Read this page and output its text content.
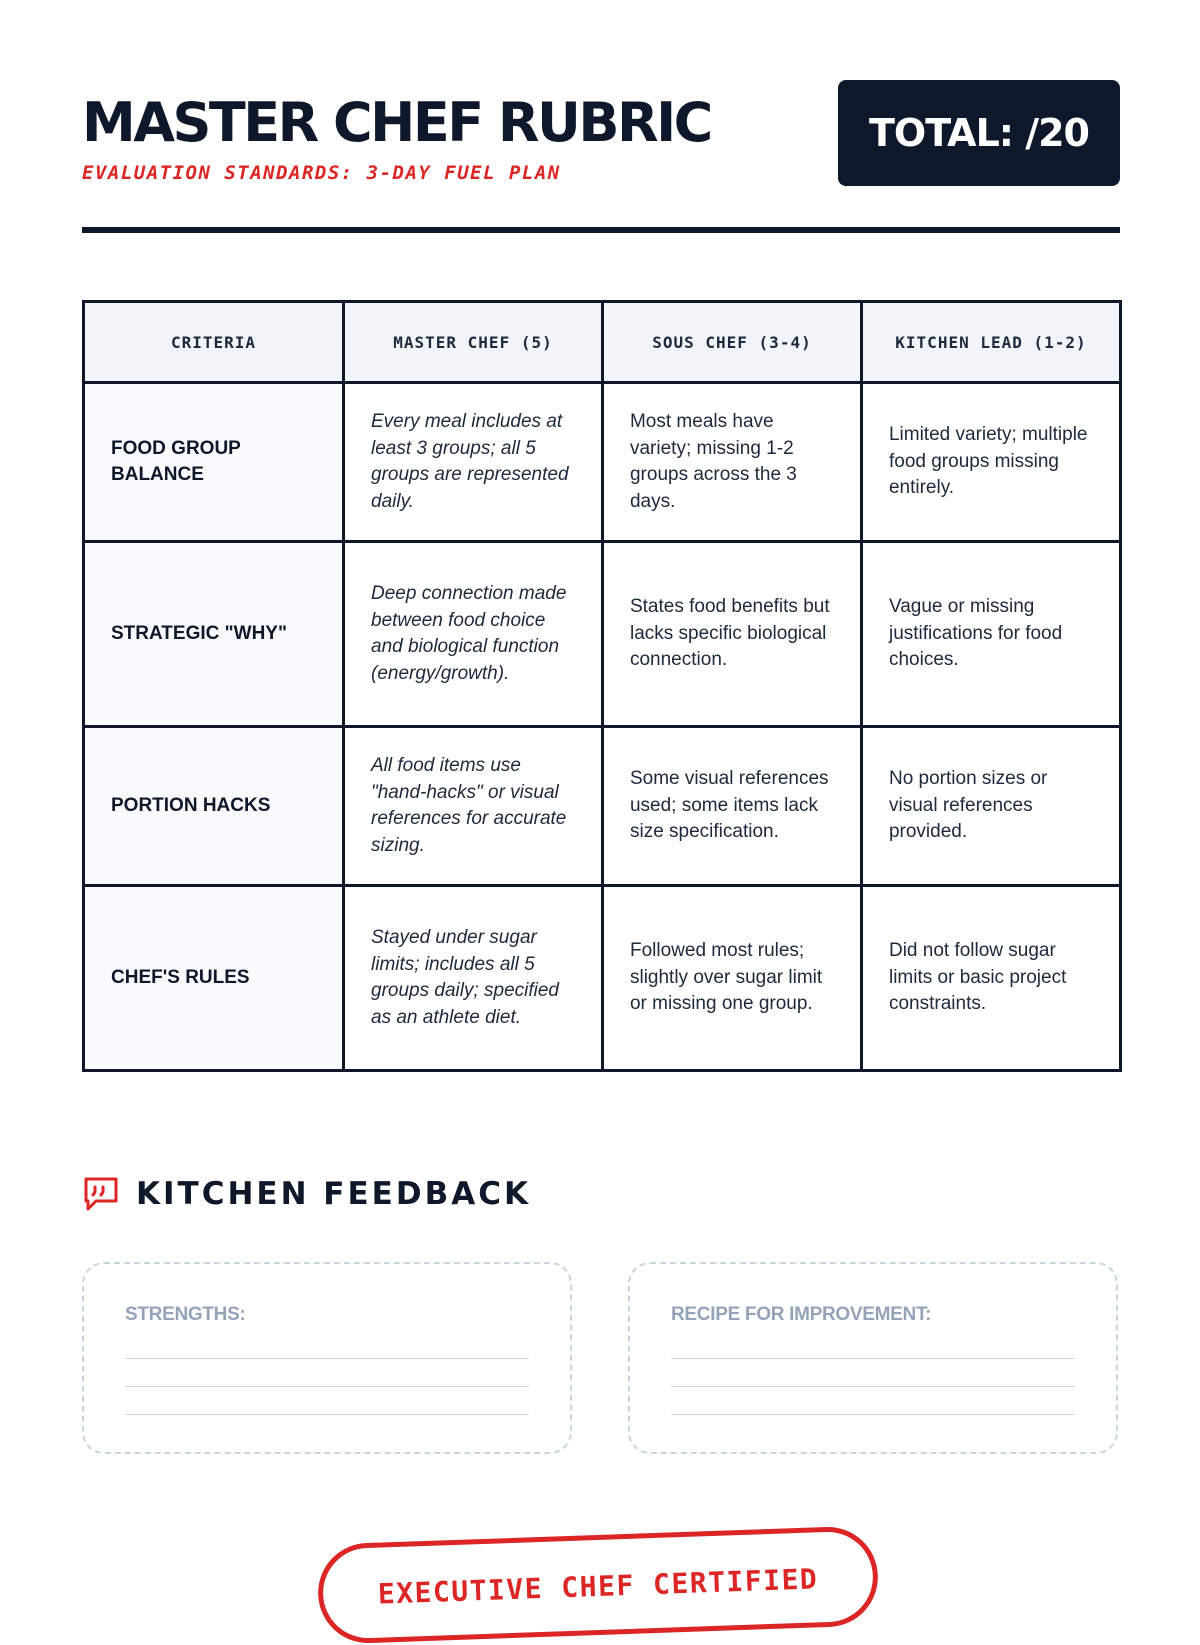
MASTER CHEF RUBRIC
EVALUATION STANDARDS: 3-DAY FUEL PLAN
TOTAL: /20
CRITERIA	MASTER CHEF (5)	SOUS CHEF (3-4)	KITCHEN LEAD (1-2)
FOOD GROUP BALANCE	Every meal includes at least 3 groups; all 5 groups are represented daily.	Most meals have variety; missing 1-2 groups across the 3 days.	Limited variety; multiple food groups missing entirely.
STRATEGIC "WHY"	Deep connection made between food choice and biological function (energy/growth).	States food benefits but lacks specific biological connection.	Vague or missing justifications for food choices.
PORTION HACKS	All food items use "hand-hacks" or visual references for accurate sizing.	Some visual references used; some items lack size specification.	No portion sizes or visual references provided.
CHEF'S RULES	Stayed under sugar limits; includes all 5 groups daily; specified as an athlete diet.	Followed most rules; slightly over sugar limit or missing one group.	Did not follow sugar limits or basic project constraints.
KITCHEN FEEDBACK
STRENGTHS:	RECIPE FOR IMPROVEMENT:
EXECUTIVE CHEF CERTIFIED
